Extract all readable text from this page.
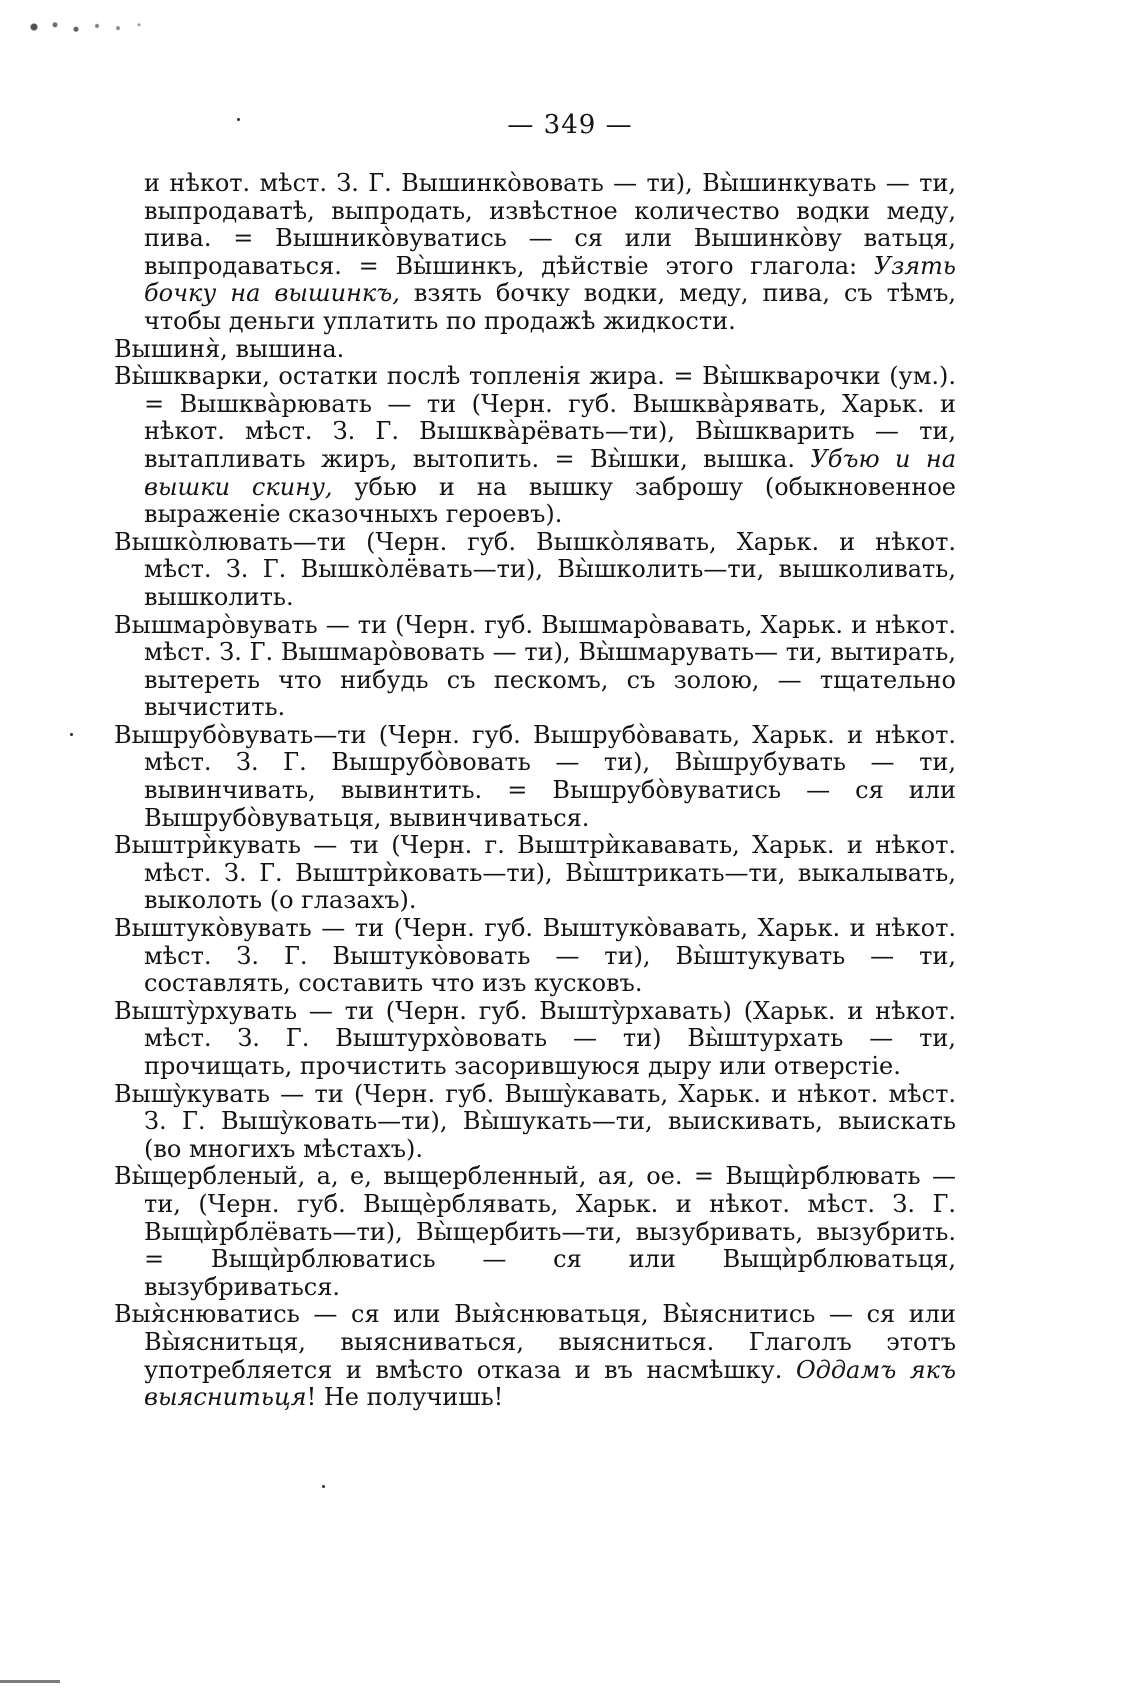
— 349 —

и нѣкот. мѣст. З. Г. Вышинкòвовать — ти), Вы̀шинкувать — ти, выпродаватѣ, выпродать, извѣстное количество водки меду, пива. = Вышникòвуватись — ся или Вышинкòву ватьця, выпродаваться. = Вы̀шинкъ, дѣйствіе этого глагола: Узять бочку на вышинкъ, взять бочку водки, меду, пива, съ тѣмъ, чтобы деньги уплатить по продажѣ жидкости.

Вышиня̀, вышина.

Вы̀шкварки, остатки послѣ топленія жира. = Вы̀шкварочки (ум.). = Вышква̀рювать — ти (Черн. губ. Вышква̀рявать, Харьк. и нѣкот. мѣст. З. Г. Вышква̀рёвать—ти), Вы̀шкварить — ти, вытапливать жиръ, вытопить. = Вы̀шки, вышка. Убъю и на вышки скину, убью и на вышку заброшу (обыкновенное выраженіе сказочныхъ героевъ).

Вышкòлювать—ти (Черн. губ. Вышкòлявать, Харьк. и нѣкот. мѣст. З. Г. Вышкòлёвать—ти), Вы̀школить—ти, вышколивать, вышколить.

Вышмарòвувать — ти (Черн. губ. Вышмарòвавать, Харьк. и нѣкот. мѣст. З. Г. Вышмарòвовать — ти), Вы̀шмарувать— ти, вытирать, вытереть что нибудь съ пескомъ, съ золою, — тщательно вычистить.

Вышрубòвувать—ти (Черн. губ. Вышрубòвавать, Харьк. и нѣкот. мѣст. З. Г. Вышрубòвовать — ти), Вы̀шрубувать — ти, вывинчивать, вывинтить. = Вышрубòвуватись — ся или Вышрубòвуватьця, вывинчиваться.

Выштрѝкувать — ти (Черн. г. Выштрѝкававать, Харьк. и нѣкот. мѣст. З. Г. Выштрѝковать—ти), Вы̀штрикать—ти, выкалывать, выколоть (о глазахъ).

Выштукòвувать — ти (Черн. губ. Выштукòвавать, Харьк. и нѣкот. мѣст. З. Г. Выштукòвовать — ти), Вы̀штукувать — ти, составлять, составить что изъ кусковъ.

Выштỳрхувать — ти (Черн. губ. Выштỳрхавать) (Харьк. и нѣкот. мѣст. З. Г. Выштурхòвовать — ти) Вы̀штурхать — ти, прочищать, прочистить засорившуюся дыру или отверстіе.

Вышỳкувать — ти (Черн. губ. Вышỳкавать, Харьк. и нѣкот. мѣст. З. Г. Вышỳковать—ти), Вы̀шукать—ти, выискивать, выискать (во многихъ мѣстахъ).

Вы̀щербленый, а, е, выщербленный, ая, ое. = Выщѝрблювать — ти, (Черн. губ. Выщѐрблявать, Харьк. и нѣкот. мѣст. З. Г. Выщѝрблёвать—ти), Вы̀щербить—ти, вызубривать, вызубрить. = Выщѝрблюватись — ся или Выщѝрблюватьця, вызубриваться.

Выя̀снюватись — ся или Выя̀снюватьця, Вы̀яснитись — ся или Вы̀яснитьця, выясниваться, выясниться. Глаголъ этотъ употребляется и вмѣсто отказа и въ насмѣшку. Оддамъ якъ выяснитьця! Не получишь!
